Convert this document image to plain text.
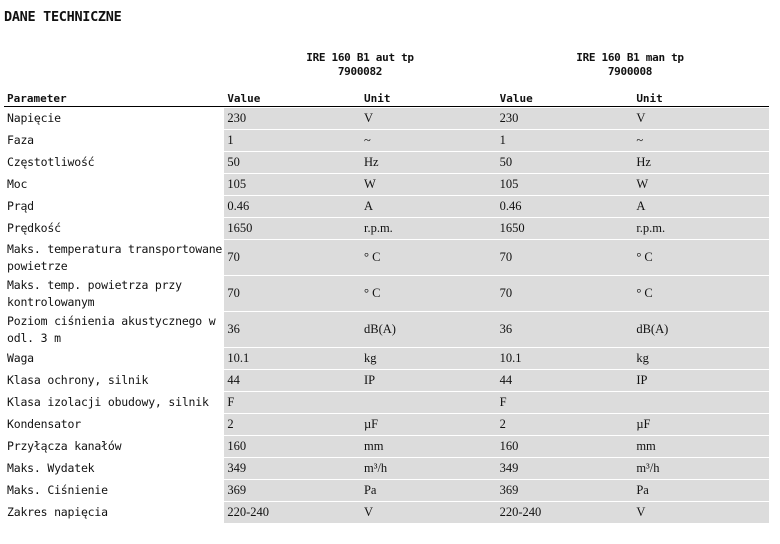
DANE TECHNICZNE
IRE 160 B1 aut tp
7900082
IRE 160 B1 man tp
7900008
Parameter	Value	Unit	Value	Unit
Napięcie	230	V	230	V
Faza	1	~	1	~
Częstotliwość	50	Hz	50	Hz
Moc	105	W	105	W
Prąd	0.46	A	0.46	A
Prędkość	1650	r.p.m.	1650	r.p.m.
Maks. temperatura transportowane powietrze	70	° C	70	° C
Maks. temp. powietrza przy kontrolowanym	70	° C	70	° C
Poziom ciśnienia akustycznego w odl. 3 m	36	dB(A)	36	dB(A)
Waga	10.1	kg	10.1	kg
Klasa ochrony, silnik	44	IP	44	IP
Klasa izolacji obudowy, silnik	F		F	
Kondensator	2	µF	2	µF
Przyłącza kanałów	160	mm	160	mm
Maks. Wydatek	349	m³/h	349	m³/h
Maks. Ciśnienie	369	Pa	369	Pa
Zakres napięcia	220-240	V	220-240	V
